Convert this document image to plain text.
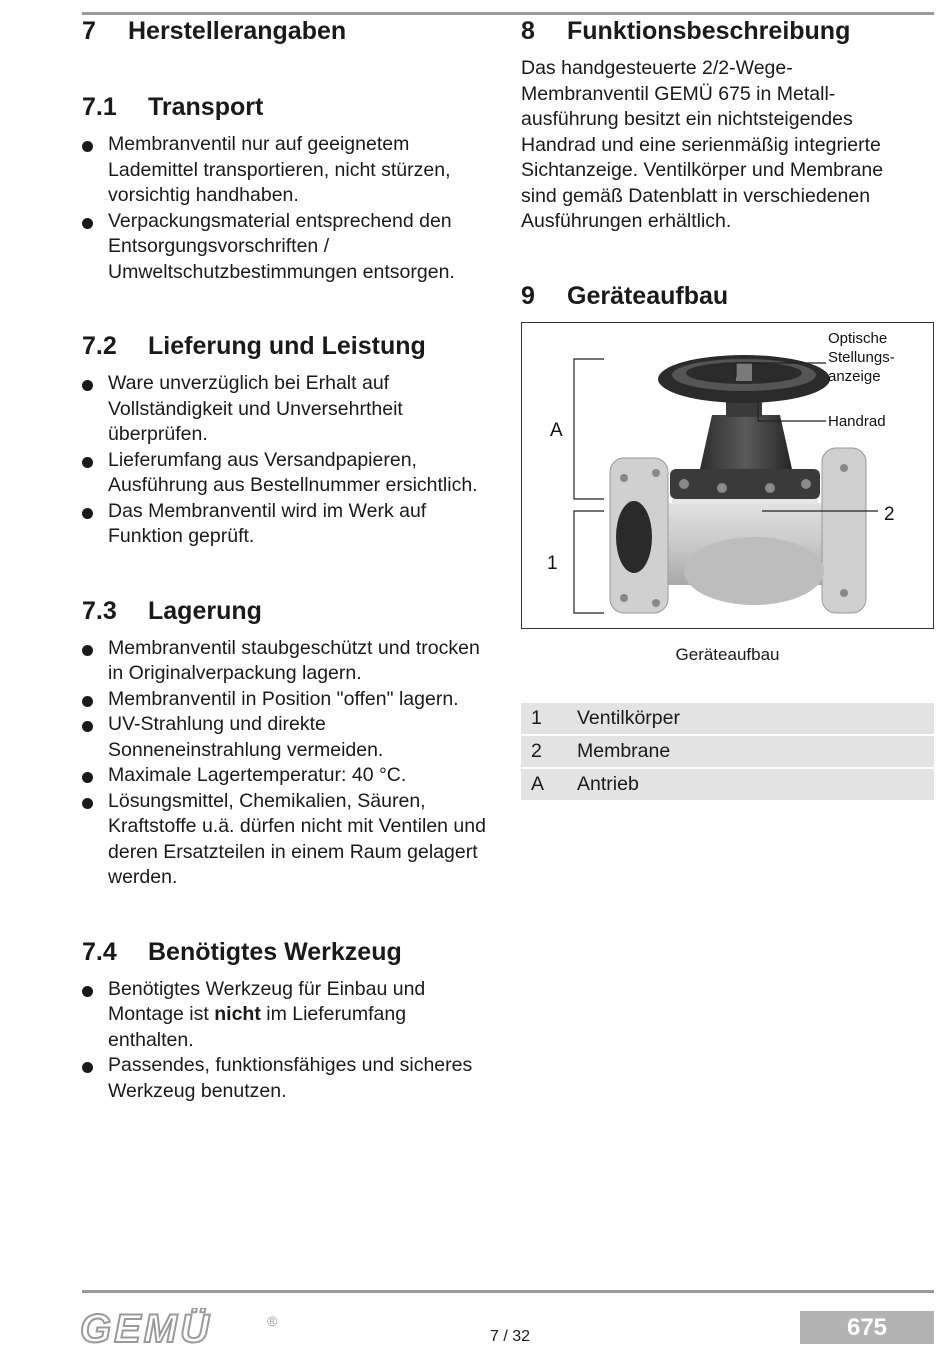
7	Herstellerangaben
7.1	Transport
Membranventil nur auf geeignetem Lademittel transportieren, nicht stürzen, vorsichtig handhaben.
Verpackungsmaterial entsprechend den Entsorgungsvorschriften / Umweltschutzbestimmungen entsorgen.
7.2	Lieferung und Leistung
Ware unverzüglich bei Erhalt auf Vollständigkeit und Unversehrtheit überprüfen.
Lieferumfang aus Versandpapieren, Ausführung aus Bestellnummer ersichtlich.
Das Membranventil wird im Werk auf Funktion geprüft.
7.3	Lagerung
Membranventil staubgeschützt und trocken in Originalverpackung lagern.
Membranventil in Position "offen" lagern.
UV-Strahlung und direkte Sonneneinstrahlung vermeiden.
Maximale Lagertemperatur: 40 °C.
Lösungsmittel, Chemikalien, Säuren, Kraftstoffe u.ä. dürfen nicht mit Ventilen und deren Ersatzteilen in einem Raum gelagert werden.
7.4	Benötigtes Werkzeug
Benötigtes Werkzeug für Einbau und Montage ist nicht im Lieferumfang enthalten.
Passendes, funktionsfähiges und sicheres Werkzeug benutzen.
8	Funktionsbeschreibung

Das handgesteuerte 2/2-Wege-Membranventil GEMÜ 675 in Metall-ausführung besitzt ein nichtsteigendes Handrad und eine serienmäßig integrierte Sichtanzeige. Ventilkörper und Membrane sind gemäß Datenblatt in verschiedenen Ausführungen erhältlich.

9	Geräteaufbau
Optische
Stellungs-
anzeige
Handrad
A
1
2
Geräteaufbau
1	Ventilkörper
2	Membrane
A	Antrieb
GEMÜ	®
7 / 32	675
